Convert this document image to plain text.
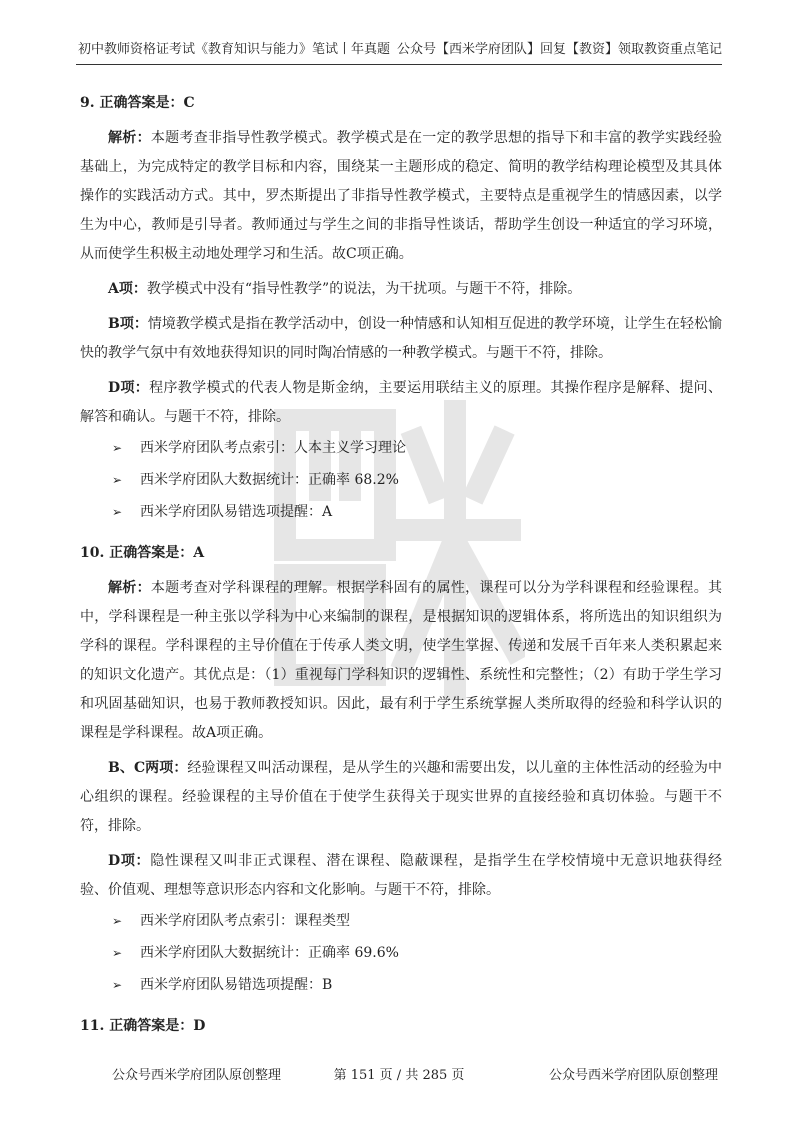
初中教师资格证考试《教育知识与能力》笔试丨年真题 公众号【西米学府团队】回复【教资】领取教资重点笔记

9. 正确答案是：C

解析：本题考查非指导性教学模式。教学模式是在一定的教学思想的指导下和丰富的教学实践经验基础上，为完成特定的教学目标和内容，围绕某一主题形成的稳定、简明的教学结构理论模型及其具体操作的实践活动方式。其中，罗杰斯提出了非指导性教学模式，主要特点是重视学生的情感因素，以学生为中心，教师是引导者。教师通过与学生之间的非指导性谈话，帮助学生创设一种适宜的学习环境，从而使学生积极主动地处理学习和生活。故C项正确。

A项：教学模式中没有“指导性教学”的说法，为干扰项。与题干不符，排除。

B项：情境教学模式是指在教学活动中，创设一种情感和认知相互促进的教学环境，让学生在轻松愉快的教学气氛中有效地获得知识的同时陶冶情感的一种教学模式。与题干不符，排除。

D项：程序教学模式的代表人物是斯金纳，主要运用联结主义的原理。其操作程序是解释、提问、解答和确认。与题干不符，排除。

➢ 西米学府团队考点索引：人本主义学习理论

➢ 西米学府团队大数据统计：正确率 68.2%

➢ 西米学府团队易错选项提醒：A

10. 正确答案是：A

解析：本题考查对学科课程的理解。根据学科固有的属性，课程可以分为学科课程和经验课程。其中，学科课程是一种主张以学科为中心来编制的课程，是根据知识的逻辑体系，将所选出的知识组织为学科的课程。学科课程的主导价值在于传承人类文明，使学生掌握、传递和发展千百年来人类积累起来的知识文化遗产。其优点是：（1）重视每门学科知识的逻辑性、系统性和完整性；（2）有助于学生学习和巩固基础知识，也易于教师教授知识。因此，最有利于学生系统掌握人类所取得的经验和科学认识的课程是学科课程。故A项正确。

B、C两项：经验课程又叫活动课程，是从学生的兴趣和需要出发，以儿童的主体性活动的经验为中心组织的课程。经验课程的主导价值在于使学生获得关于现实世界的直接经验和真切体验。与题干不符，排除。

D项：隐性课程又叫非正式课程、潜在课程、隐蔽课程，是指学生在学校情境中无意识地获得经验、价值观、理想等意识形态内容和文化影响。与题干不符，排除。

➢ 西米学府团队考点索引：课程类型

➢ 西米学府团队大数据统计：正确率 69.6%

➢ 西米学府团队易错选项提醒：B

11. 正确答案是：D

公众号西米学府团队原创整理	第 151 页 / 共 285 页	公众号西米学府团队原创整理
